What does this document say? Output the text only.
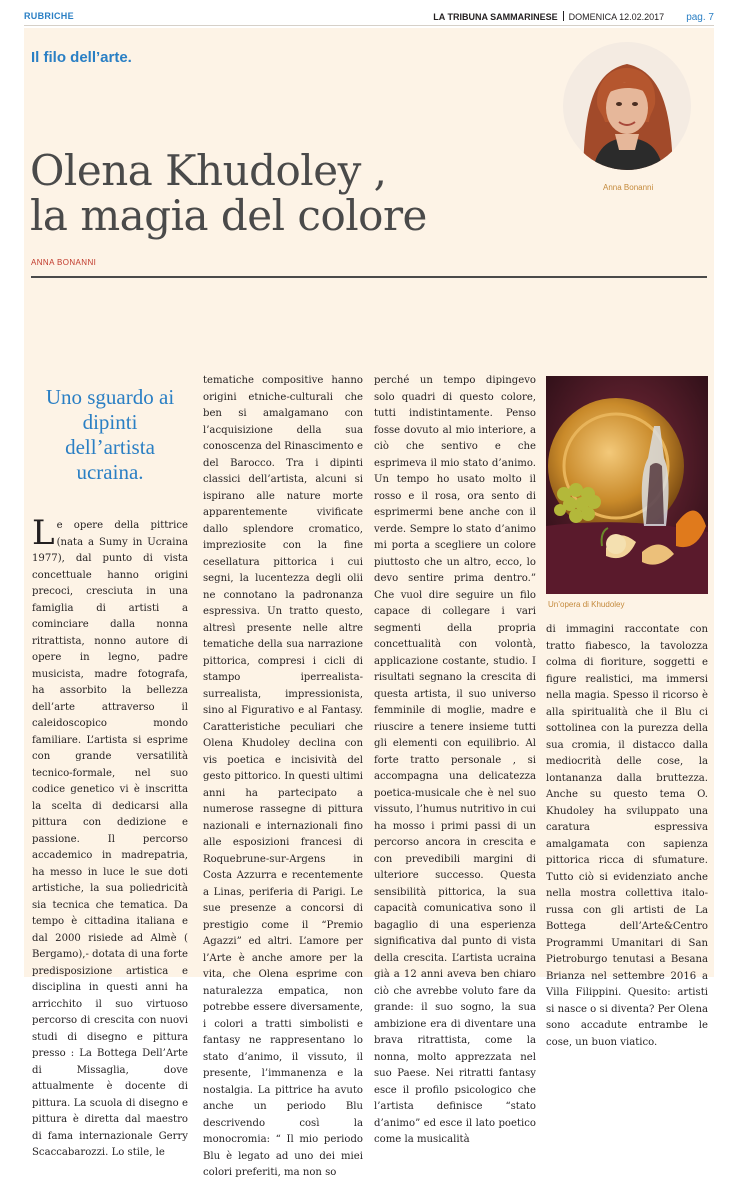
RUBRICHE	LA TRIBUNA SAMMARINESE DOMENICA 12.02.2017 pag. 7
Il filo dell’arte.
Anna Bonanni
Olena Khudoley ,
la magia del colore
ANNA BONANNI
Uno sguardo ai dipinti dell’artista ucraina.
Le opere della pittrice (nata a Sumy in Ucraina 1977), dal punto di vista concettuale hanno origini precoci, cresciuta in una famiglia di artisti a cominciare dalla nonna ritrattista, nonno autore di opere in legno, padre musicista, madre fotografa, ha assorbito la bellezza dell’arte attraverso il caleidoscopico mondo familiare. L’artista si esprime con grande versatilità tecnico-formale, nel suo codice genetico vi è inscritta la scelta di dedicarsi alla pittura con dedizione e passione. Il percorso accademico in madrepatria, ha messo in luce le sue doti artistiche, la sua poliedricità sia tecnica che tematica. Da tempo è cittadina italiana e dal 2000 risiede ad Almè ( Bergamo),- dotata di una forte predisposizione artistica e disciplina in questi anni ha arricchito il suo virtuoso percorso di crescita con nuovi studi di disegno e pittura presso : La Bottega Dell’Arte di Missaglia, dove attualmente è docente di pittura. La scuola di disegno e pittura è diretta dal maestro di fama internazionale Gerry Scaccabarozzi. Lo stile, le
tematiche compositive hanno origini etniche-culturali che ben si amalgamano con l’acquisizione della sua conoscenza del Rinascimento e del Barocco. Tra i dipinti classici dell’artista, alcuni si ispirano alle nature morte apparentemente vivificate dallo splendore cromatico, impreziosite con la fine cesellatura pittorica i cui segni, la lucentezza degli olii ne connotano la padronanza espressiva. Un tratto questo, altresì presente nelle altre tematiche della sua narrazione pittorica, compresi i cicli di stampo iperrealista-surrealista, impressionista, sino al Figurativo e al Fantasy. Caratteristiche peculiari che Olena Khudoley declina con vis poetica e incisività del gesto pittorico. In questi ultimi anni ha partecipato a numerose rassegne di pittura nazionali e internazionali fino alle esposizioni francesi di Roquebrune-sur-Argens in Costa Azzurra e recentemente a Linas, periferia di Parigi. Le sue presenze a concorsi di prestigio come il “Premio Agazzi” ed altri. L’amore per l’Arte è anche amore per la vita, che Olena esprime con naturalezza empatica, non potrebbe essere diversamente, i colori a tratti simbolisti e fantasy ne rappresentano lo stato d’animo, il vissuto, il presente, l’immanenza e la nostalgia. La pittrice ha avuto anche un periodo Blu descrivendo così la monocromia: “ Il mio periodo Blu è legato ad uno dei miei colori preferiti, ma non so
perché un tempo dipingevo solo quadri di questo colore, tutti indistintamente. Penso fosse dovuto al mio interiore, a ciò che sentivo e che esprimeva il mio stato d’animo. Un tempo ho usato molto il rosso e il rosa, ora sento di esprimermi bene anche con il verde. Sempre lo stato d’animo mi porta a scegliere un colore piuttosto che un altro, ecco, lo devo sentire prima dentro.” Che vuol dire seguire un filo capace di collegare i vari segmenti della propria concettualità con volontà, applicazione costante, studio. I risultati segnano la crescita di questa artista, il suo universo femminile di moglie, madre e riuscire a tenere insieme tutti gli elementi con equilibrio. Al forte tratto personale , si accompagna una delicatezza poetica-musicale che è nel suo vissuto, l’humus nutritivo in cui ha mosso i primi passi di un percorso ancora in crescita e con prevedibili margini di ulteriore successo. Questa sensibilità pittorica, la sua capacità comunicativa sono il bagaglio di una esperienza significativa dal punto di vista della crescita. L’artista ucraina già a 12 anni aveva ben chiaro ciò che avrebbe voluto fare da grande: il suo sogno, la sua ambizione era di diventare una brava ritrattista, come la nonna, molto apprezzata nel suo Paese. Nei ritratti fantasy esce il profilo psicologico che l’artista definisce “stato d’animo” ed esce il lato poetico come la musicalità
Un’opera di Khudoley
di immagini raccontate con tratto fiabesco, la tavolozza colma di fioriture, soggetti e figure realistici, ma immersi nella magia. Spesso il ricorso è alla spiritualità che il Blu ci sottolinea con la purezza della sua cromia, il distacco dalla mediocrità delle cose, la lontananza dalla bruttezza. Anche su questo tema O. Khudoley ha sviluppato una caratura espressiva amalgamata con sapienza pittorica ricca di sfumature. Tutto ciò si evidenziato anche nella mostra collettiva italo-russa con gli artisti de La Bottega dell’Arte&Centro Programmi Umanitari di San Pietroburgo tenutasi a Besana Brianza nel settembre 2016 a Villa Filippini. Quesito: artisti si nasce o si diventa? Per Olena sono accadute entrambe le cose, un buon viatico.
